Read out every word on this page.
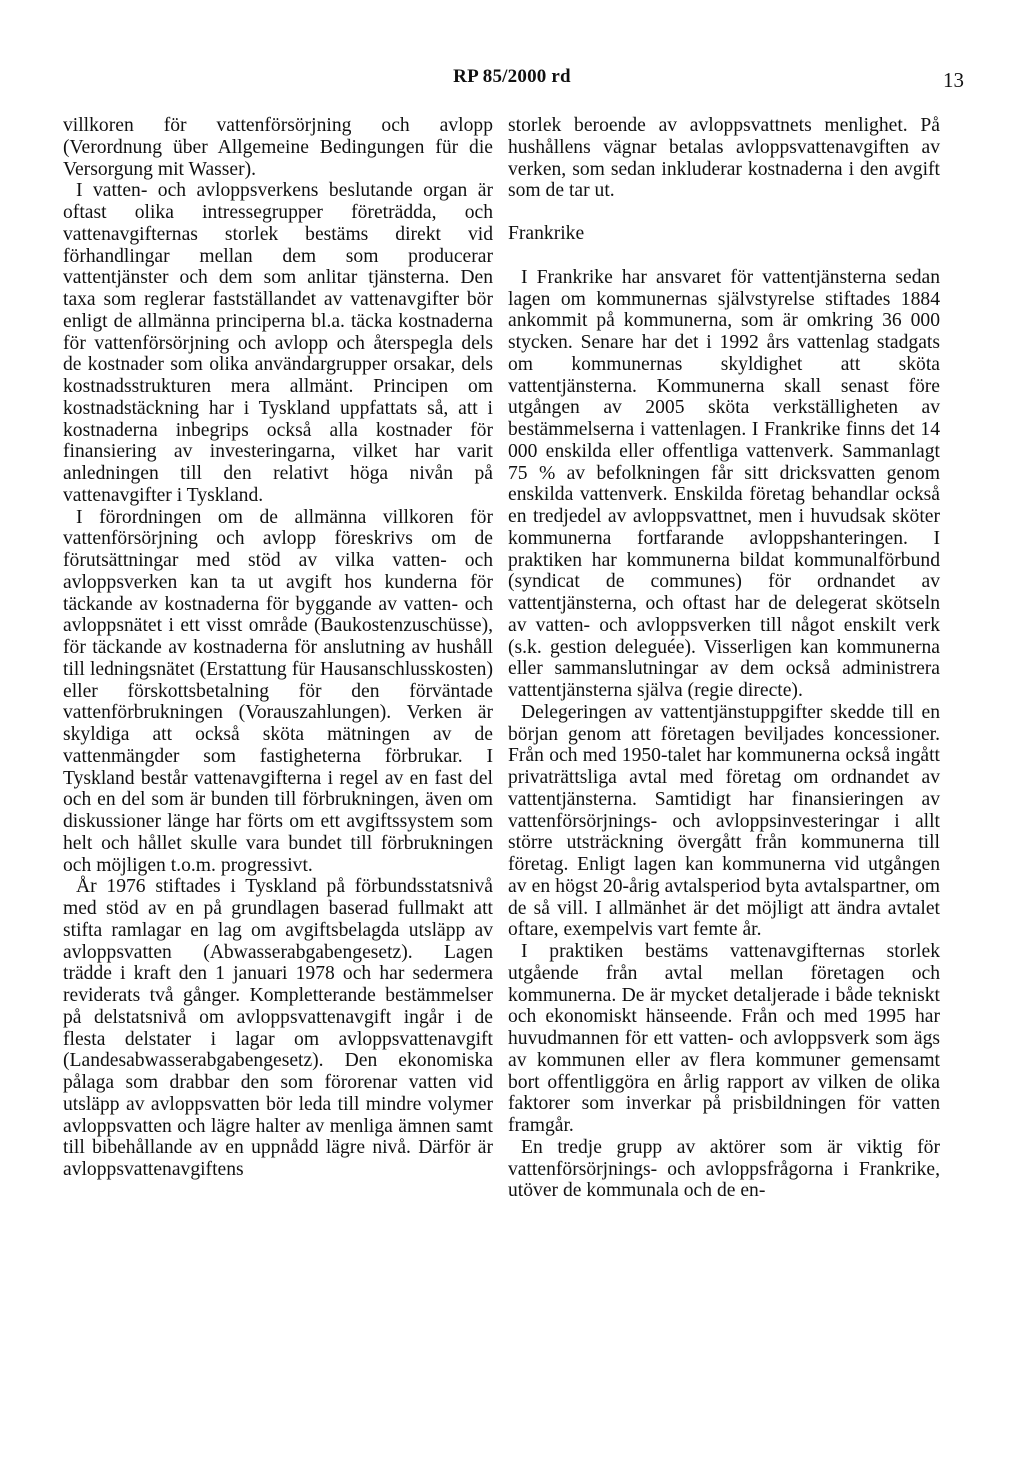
RP 85/2000 rd	13

villkoren för vattenförsörjning och avlopp (Verordnung über Allgemeine Bedingungen für die Versorgung mit Wasser).

I vatten- och avloppsverkens beslutande organ är oftast olika intressegrupper företrädda, och vattenavgifternas storlek bestäms direkt vid förhandlingar mellan dem som producerar vattentjänster och dem som anlitar tjänsterna. Den taxa som reglerar fastställandet av vattenavgifter bör enligt de allmänna principerna bl.a. täcka kostnaderna för vattenförsörjning och avlopp och återspegla dels de kostnader som olika användargrupper orsakar, dels kostnadsstrukturen mera allmänt. Principen om kostnadstäckning har i Tyskland uppfattats så, att i kostnaderna inbegrips också alla kostnader för finansiering av investeringarna, vilket har varit anledningen till den relativt höga nivån på vattenavgifter i Tyskland.

I förordningen om de allmänna villkoren för vattenförsörjning och avlopp föreskrivs om de förutsättningar med stöd av vilka vatten- och avloppsverken kan ta ut avgift hos kunderna för täckande av kostnaderna för byggande av vatten- och avloppsnätet i ett visst område (Baukostenzuschüsse), för täckande av kostnaderna för anslutning av hushåll till ledningsnätet (Erstattung für Hausanschlusskosten) eller förskottsbetalning för den förväntade vattenförbrukningen (Vorauszahlungen). Verken är skyldiga att också sköta mätningen av de vattenmängder som fastigheterna förbrukar. I Tyskland består vattenavgifterna i regel av en fast del och en del som är bunden till förbrukningen, även om diskussioner länge har förts om ett avgiftssystem som helt och hållet skulle vara bundet till förbrukningen och möjligen t.o.m. progressivt.

År 1976 stiftades i Tyskland på förbundsstatsnivå med stöd av en på grundlagen baserad fullmakt att stifta ramlagar en lag om avgiftsbelagda utsläpp av avloppsvatten (Abwasserabgabengesetz). Lagen trädde i kraft den 1 januari 1978 och har sedermera reviderats två gånger. Kompletterande bestämmelser på delstatsnivå om avloppsvattenavgift ingår i de flesta delstater i lagar om avloppsvattenavgift (Landesabwasserabgabengesetz). Den ekonomiska pålaga som drabbar den som förorenar vatten vid utsläpp av avloppsvatten bör leda till mindre volymer avloppsvatten och lägre halter av menliga ämnen samt till bibehållande av en uppnådd lägre nivå. Därför är avloppsvattenavgiftens

storlek beroende av avloppsvattnets menlighet. På hushållens vägnar betalas avloppsvattenavgiften av verken, som sedan inkluderar kostnaderna i den avgift som de tar ut.

Frankrike

I Frankrike har ansvaret för vattentjänsterna sedan lagen om kommunernas självstyrelse stiftades 1884 ankommit på kommunerna, som är omkring 36 000 stycken. Senare har det i 1992 års vattenlag stadgats om kommunernas skyldighet att sköta vattentjänsterna. Kommunerna skall senast före utgången av 2005 sköta verkställigheten av bestämmelserna i vattenlagen. I Frankrike finns det 14 000 enskilda eller offentliga vattenverk. Sammanlagt 75 % av befolkningen får sitt dricksvatten genom enskilda vattenverk. Enskilda företag behandlar också en tredjedel av avloppsvattnet, men i huvudsak sköter kommunerna fortfarande avloppshanteringen. I praktiken har kommunerna bildat kommunalförbund (syndicat de communes) för ordnandet av vattentjänsterna, och oftast har de delegerat skötseln av vatten- och avloppsverken till något enskilt verk (s.k. gestion deleguée). Visserligen kan kommunerna eller sammanslutningar av dem också administrera vattentjänsterna själva (regie directe).

Delegeringen av vattentjänstuppgifter skedde till en början genom att företagen beviljades koncessioner. Från och med 1950-talet har kommunerna också ingått privaträttsliga avtal med företag om ordnandet av vattentjänsterna. Samtidigt har finansieringen av vattenförsörjnings- och avloppsinvesteringar i allt större utsträckning övergått från kommunerna till företag. Enligt lagen kan kommunerna vid utgången av en högst 20-årig avtalsperiod byta avtalspartner, om de så vill. I allmänhet är det möjligt att ändra avtalet oftare, exempelvis vart femte år.

I praktiken bestäms vattenavgifternas storlek utgående från avtal mellan företagen och kommunerna. De är mycket detaljerade i både tekniskt och ekonomiskt hänseende. Från och med 1995 har huvudmannen för ett vatten- och avloppsverk som ägs av kommunen eller av flera kommuner gemensamt bort offentliggöra en årlig rapport av vilken de olika faktorer som inverkar på prisbildningen för vatten framgår.

En tredje grupp av aktörer som är viktig för vattenförsörjnings- och avloppsfrågorna i Frankrike, utöver de kommunala och de en-
